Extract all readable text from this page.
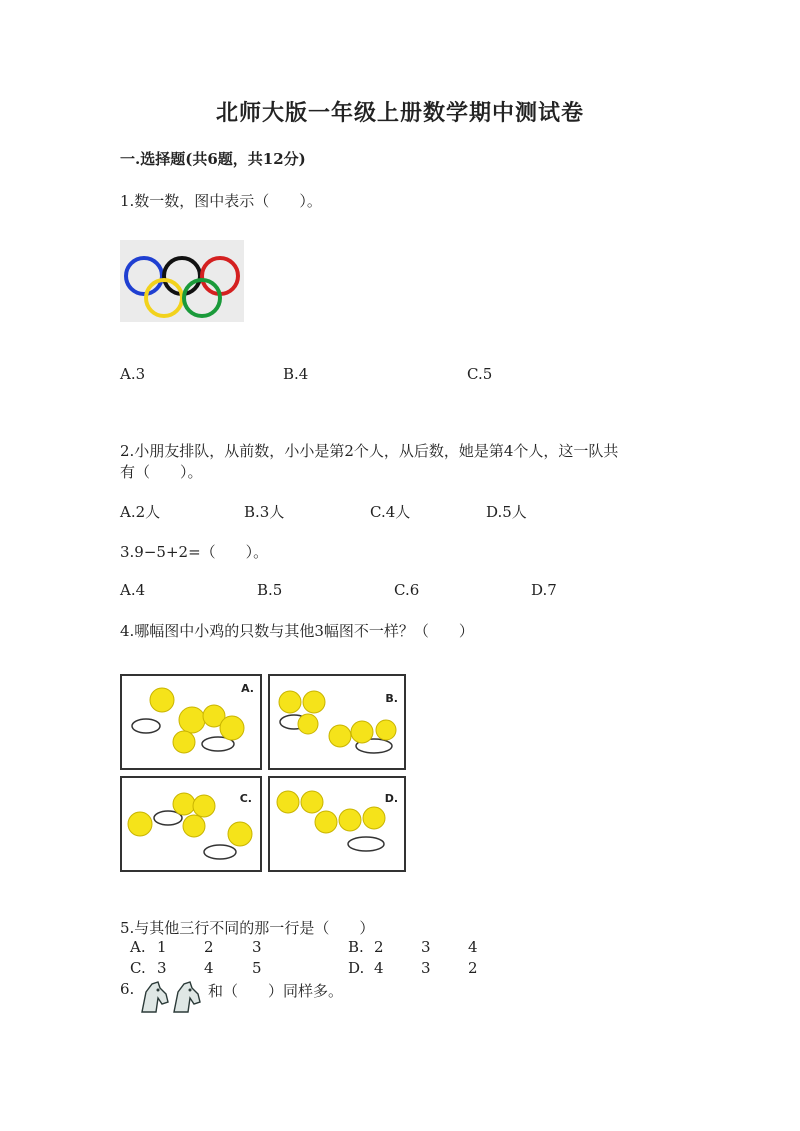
北师大版一年级上册数学期中测试卷
一.选择题(共6题，共12分)
1.数一数，图中表示（　　）。
A.3	B.4	C.5
2.小朋友排队，从前数，小小是第2个人，从后数，她是第4个人，这一队共
有（　　）。
A.2人	B.3人	C.4人	D.5人
3.9−5+2=（　　）。
A.4	B.5	C.6	D.7
4.哪幅图中小鸡的只数与其他3幅图不一样？（　　）
A.
B.
C.	D.
5.与其他三行不同的那一行是（　　）
A. 1 2	3	B. 2 3 4
C. 3 4	5	D. 4 3 2
6.	和（　　）同样多。
